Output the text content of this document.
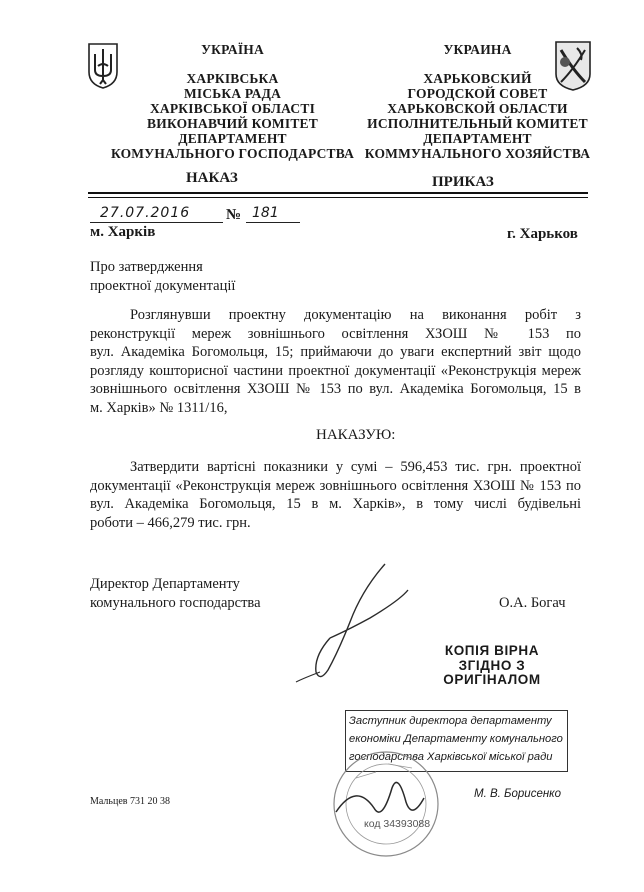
УКРАЇНА
ХАРКІВСЬКА
МІСЬКА РАДА
ХАРКІВСЬКОЇ ОБЛАСТІ
ВИКОНАВЧИЙ КОМІТЕТ
ДЕПАРТАМЕНТ
КОМУНАЛЬНОГО ГОСПОДАРСТВА
УКРАИНА
ХАРЬКОВСКИЙ
ГОРОДСКОЙ СОВЕТ
ХАРЬКОВСКОЙ ОБЛАСТИ
ИСПОЛНИТЕЛЬНЫЙ КОМИТЕТ
ДЕПАРТАМЕНТ
КОММУНАЛЬНОГО ХОЗЯЙСТВА
НАКАЗ	ПРИКАЗ
27.07.2016 № 181
м. Харків	г. Харьков
Про затвердження
проектної документації
Розглянувши проектну документацію на виконання робіт з
реконструкції мереж зовнішнього освітлення ХЗОШ № 153 по
вул. Академіка Богомольця, 15; приймаючи до уваги експертний звіт щодо
розгляду кошторисної частини проектної документації «Реконструкція мереж
зовнішнього освітлення ХЗОШ № 153 по вул. Академіка Богомольця, 15 в
м. Харків» № 1311/16,
НАКАЗУЮ:
Затвердити вартісні показники у сумі – 596,453 тис. грн. проектної
документації «Реконструкція мереж зовнішнього освітлення ХЗОШ № 153 по
вул. Академіка Богомольця, 15 в м. Харків», в тому числі будівельні
роботи – 466,279 тис. грн.
Директор Департаменту
комунального господарства	О.А. Богач
КОПІЯ ВІРНА
ЗГІДНО З
ОРИГІНАЛОМ
Заступник директора департаменту
економіки Департаменту комунального
господарства Харківської міської ради
код 34393088
М. В. Борисенко
Мальцев 731 20 38
